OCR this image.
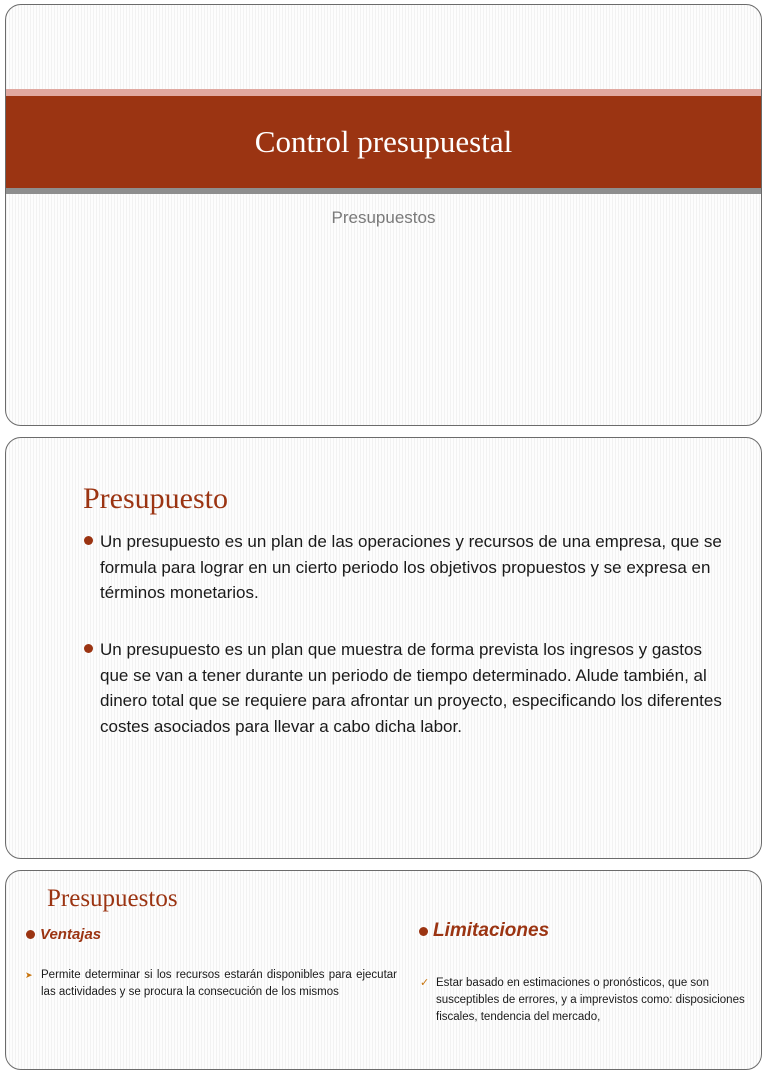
Control presupuestal
Presupuestos
Presupuesto
Un presupuesto es un plan de las operaciones y recursos de una empresa, que se formula para lograr en un cierto periodo los objetivos propuestos y se expresa en términos monetarios.
Un presupuesto es un plan que muestra de forma prevista los ingresos y gastos que se van a tener durante un periodo de tiempo determinado. Alude también, al dinero total que se requiere para afrontar un proyecto, especificando los diferentes costes asociados para llevar a cabo dicha labor.
Presupuestos
Ventajas
➤ Permite determinar si los recursos estarán disponibles para ejecutar las actividades y se procura la consecución de los mismos
Limitaciones
✓ Estar basado en estimaciones o pronósticos, que son susceptibles de errores, y a imprevistos como: disposiciones fiscales, tendencia del mercado,
